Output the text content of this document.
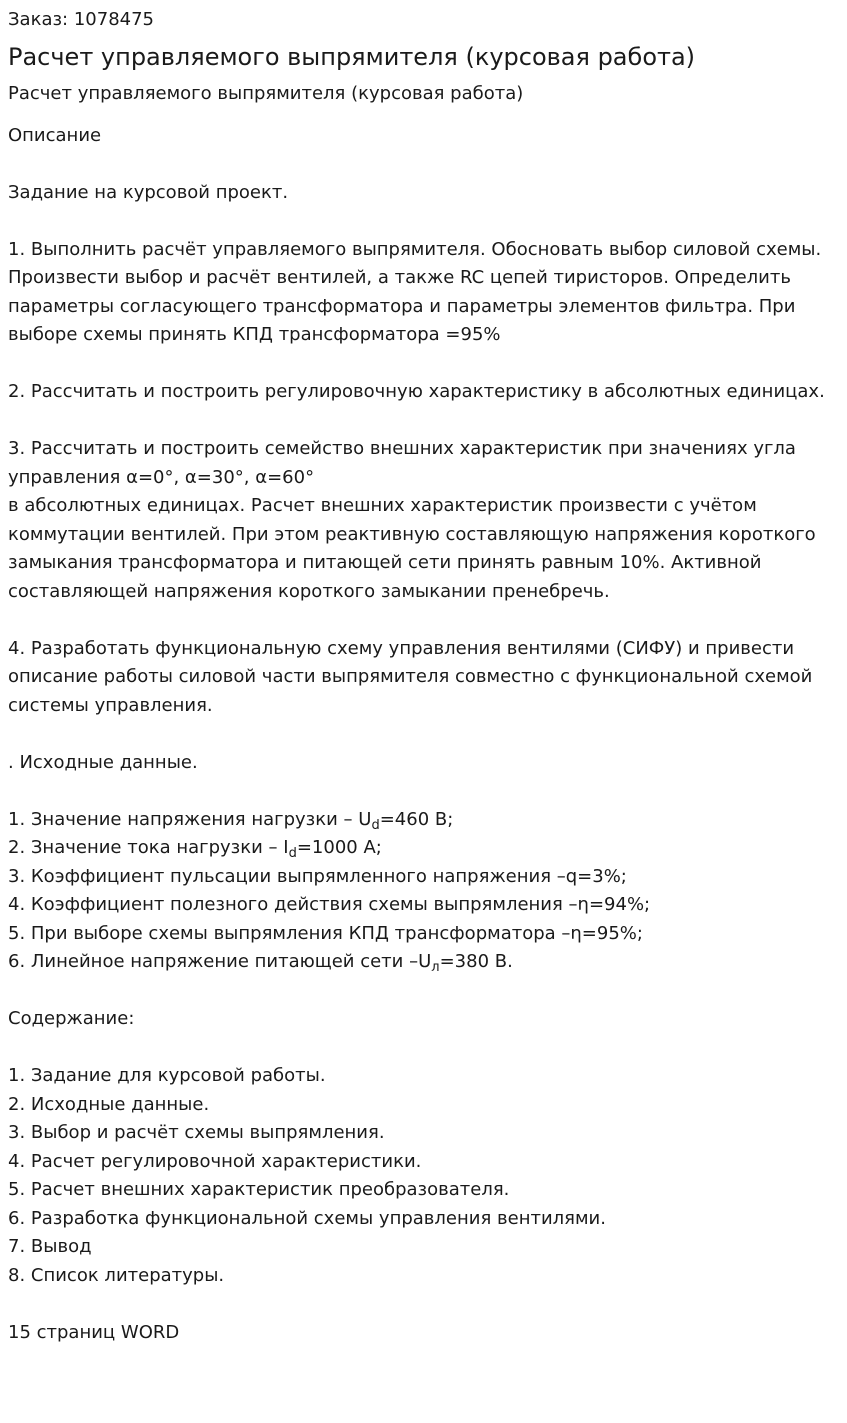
Заказ: 1078475
Расчет управляемого выпрямителя (курсовая работа)
Расчет управляемого выпрямителя (курсовая работа)
Описание
Задание на курсовой проект.
1. Выполнить расчёт управляемого выпрямителя. Обосновать выбор силовой схемы. Произвести выбор и расчёт вентилей, а также RC цепей тиристоров. Определить параметры согласующего трансформатора и параметры элементов фильтра. При выборе схемы принять КПД трансформатора =95%
2. Рассчитать и построить регулировочную характеристику в абсолютных единицах.
3. Рассчитать и построить семейство внешних характеристик при значениях угла управления α=0°, α=30°, α=60°
в абсолютных единицах. Расчет внешних характеристик произвести с учётом коммутации вентилей. При этом реактивную составляющую напряжения короткого замыкания трансформатора и питающей сети принять равным 10%. Активной составляющей напряжения короткого замыкании пренебречь.
4. Разработать функциональную схему управления вентилями (СИФУ) и привести описание работы силовой части выпрямителя совместно с функциональной схемой системы управления.
. Исходные данные.
1. Значение напряжения нагрузки – $U_d=460$ В;
2. Значение тока нагрузки – $I_d=1000$ А;
3. Коэффициент пульсации выпрямленного напряжения –q=3%;
4. Коэффициент полезного действия схемы выпрямления –η=94%;
5. При выборе схемы выпрямления КПД трансформатора –η=95%;
6. Линейное напряжение питающей сети $-U_л=380$ В.
Содержание:
1. Задание для курсовой работы.
2. Исходные данные.
3. Выбор и расчёт схемы выпрямления.
4. Расчет регулировочной характеристики.
5. Расчет внешних характеристик преобразователя.
6. Разработка функциональной схемы управления вентилями.
7. Вывод
8. Список литературы.
15 страниц WORD
